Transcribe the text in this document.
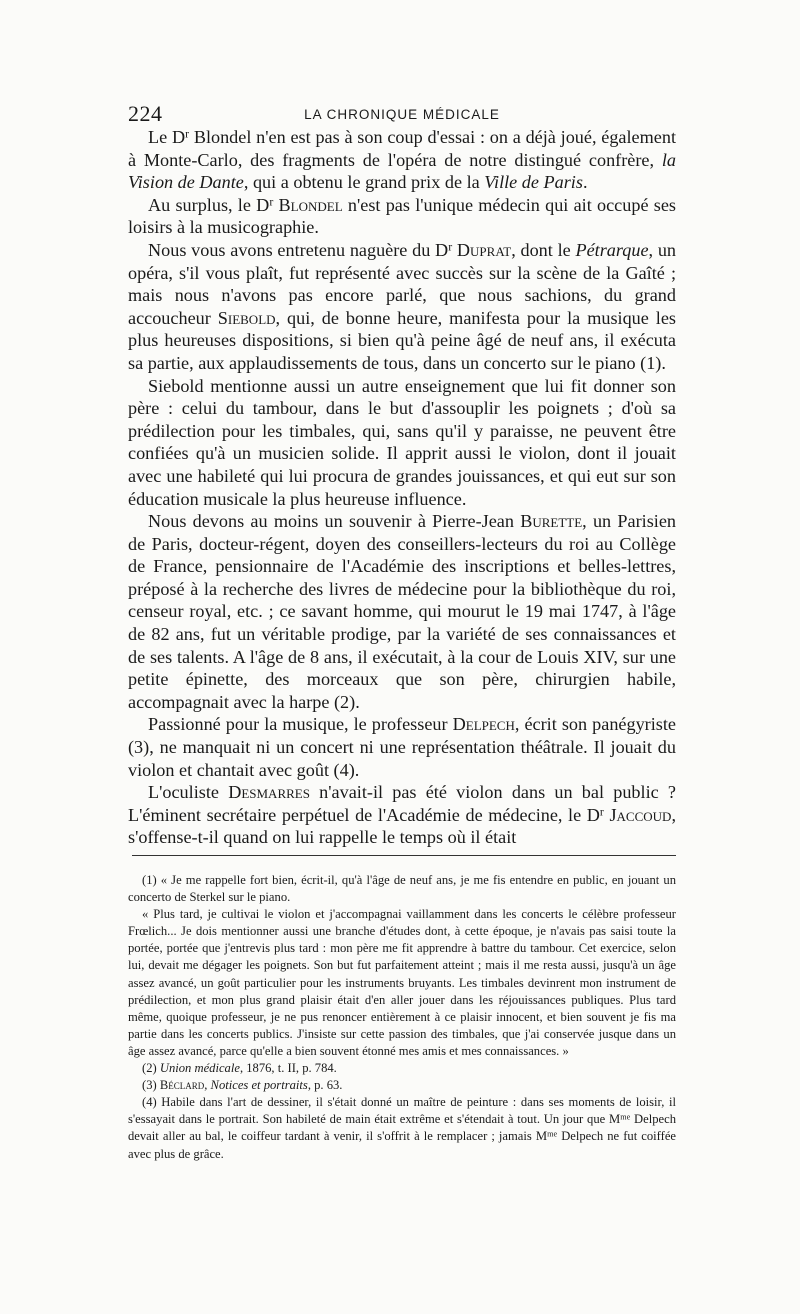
224	LA CHRONIQUE MÉDICALE

Le $D^r$ Blondel n'en est pas à son coup d'essai : on a déjà joué, également à Monte-Carlo, des fragments de l'opéra de notre distingué confrère, la Vision de Dante, qui a obtenu le grand prix de la Ville de Paris.

Au surplus, le $D^r$ Blondel n'est pas l'unique médecin qui ait occupé ses loisirs à la musicographie.

Nous vous avons entretenu naguère du $D^r$ Duprat, dont le Pétrarque, un opéra, s'il vous plaît, fut représenté avec succès sur la scène de la Gaîté ; mais nous n'avons pas encore parlé, que nous sachions, du grand accoucheur Siebold, qui, de bonne heure, manifesta pour la musique les plus heureuses dispositions, si bien qu'à peine âgé de neuf ans, il exécuta sa partie, aux applaudissements de tous, dans un concerto sur le piano (1).

Siebold mentionne aussi un autre enseignement que lui fit donner son père : celui du tambour, dans le but d'assouplir les poignets ; d'où sa prédilection pour les timbales, qui, sans qu'il y paraisse, ne peuvent être confiées qu'à un musicien solide. Il apprit aussi le violon, dont il jouait avec une habileté qui lui procura de grandes jouissances, et qui eut sur son éducation musicale la plus heureuse influence.

Nous devons au moins un souvenir à Pierre-Jean Burette, un Parisien de Paris, docteur-régent, doyen des conseillers-lecteurs du roi au Collège de France, pensionnaire de l'Académie des inscriptions et belles-lettres, préposé à la recherche des livres de médecine pour la bibliothèque du roi, censeur royal, etc. ; ce savant homme, qui mourut le 19 mai 1747, à l'âge de 82 ans, fut un véritable prodige, par la variété de ses connaissances et de ses talents. A l'âge de 8 ans, il exécutait, à la cour de Louis XIV, sur une petite épinette, des morceaux que son père, chirurgien habile, accompagnait avec la harpe (2).

Passionné pour la musique, le professeur Delpech, écrit son panégyriste (3), ne manquait ni un concert ni une représentation théâtrale. Il jouait du violon et chantait avec goût (4).

L'oculiste Desmarres n'avait-il pas été violon dans un bal public ? L'éminent secrétaire perpétuel de l'Académie de médecine, le $D^r$ Jaccoud, s'offense-t-il quand on lui rappelle le temps où il était

(1) « Je me rappelle fort bien, écrit-il, qu'à l'âge de neuf ans, je me fis entendre en public, en jouant un concerto de Sterkel sur le piano.

« Plus tard, je cultivai le violon et j'accompagnai vaillamment dans les concerts le célèbre professeur Frœlich... Je dois mentionner aussi une branche d'études dont, à cette époque, je n'avais pas saisi toute la portée, portée que j'entrevis plus tard : mon père me fit apprendre à battre du tambour. Cet exercice, selon lui, devait me dégager les poignets. Son but fut parfaitement atteint ; mais il me resta aussi, jusqu'à un âge assez avancé, un goût particulier pour les instruments bruyants. Les timbales devinrent mon instrument de prédilection, et mon plus grand plaisir était d'en aller jouer dans les réjouissances publiques. Plus tard même, quoique professeur, je ne pus renoncer entièrement à ce plaisir innocent, et bien souvent je fis ma partie dans les concerts publics. J'insiste sur cette passion des timbales, que j'ai conservée jusque dans un âge assez avancé, parce qu'elle a bien souvent étonné mes amis et mes connaissances. »

(2) Union médicale, 1876, t. II, p. 784.

(3) Béclard, Notices et portraits, p. 63.

(4) Habile dans l'art de dessiner, il s'était donné un maître de peinture : dans ses moments de loisir, il s'essayait dans le portrait. Son habileté de main était extrême et s'étendait à tout. Un jour que $M^{me}$ Delpech devait aller au bal, le coiffeur tardant à venir, il s'offrit à le remplacer ; jamais $M^{me}$ Delpech ne fut coiffée avec plus de grâce.
